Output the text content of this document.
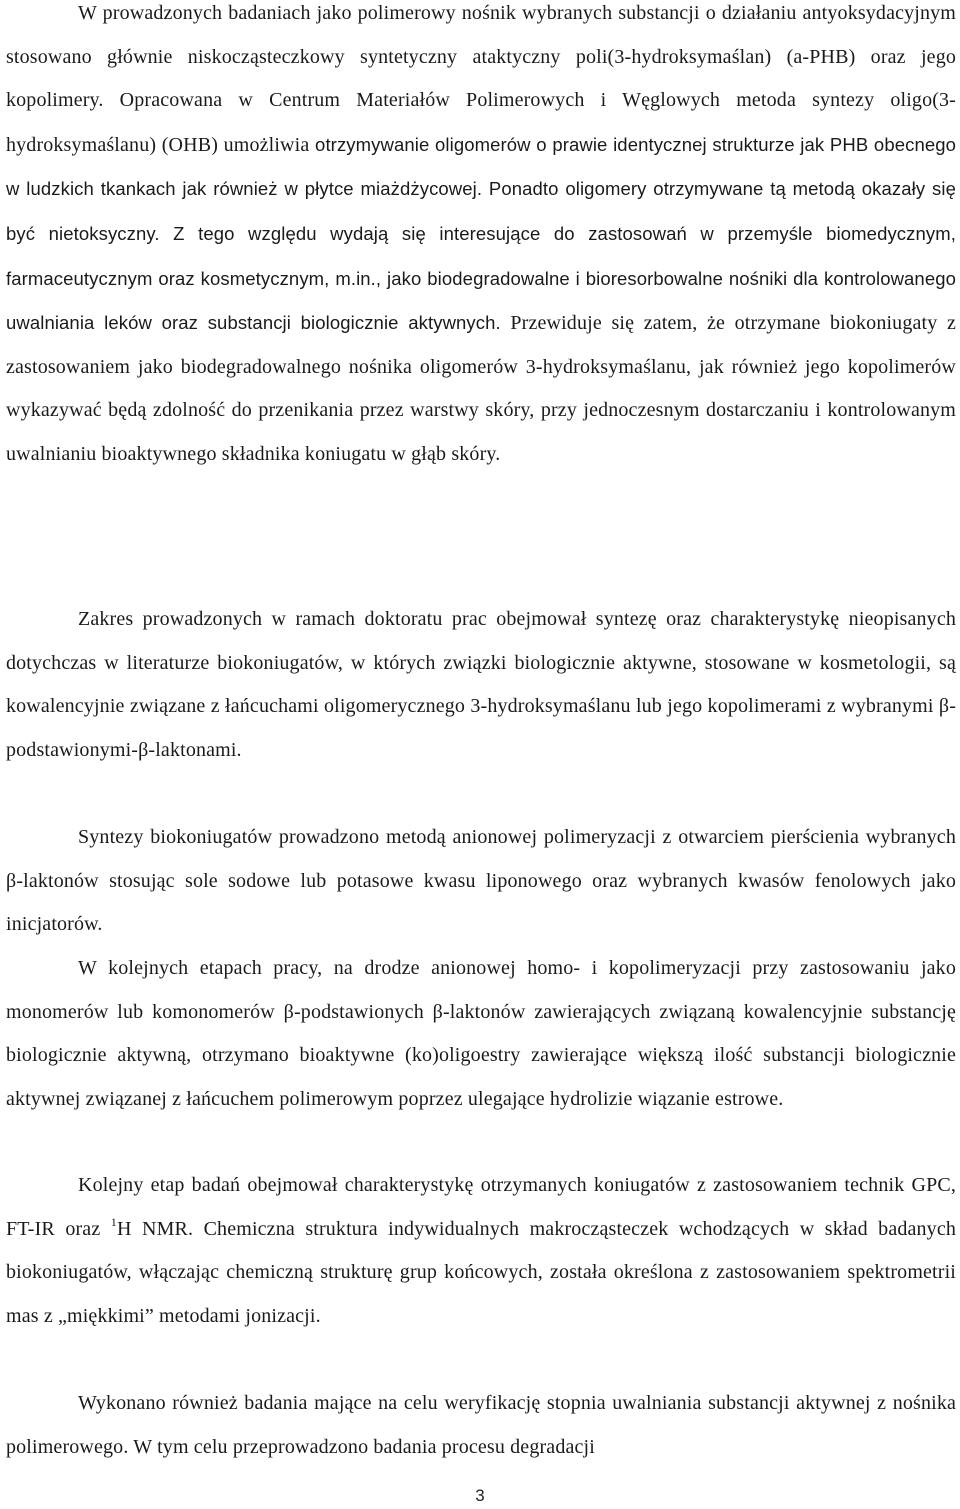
W prowadzonych badaniach jako polimerowy nośnik wybranych substancji o działaniu antyoksydacyjnym stosowano głównie niskocząsteczkowy syntetyczny ataktyczny poli(3-hydroksymaślan) (a-PHB) oraz jego kopolimery. Opracowana w Centrum Materiałów Polimerowych i Węglowych metoda syntezy oligo(3-hydroksymaślanu) (OHB) umożliwia otrzymywanie oligomerów o prawie identycznej strukturze jak PHB obecnego w ludzkich tkankach jak również w płytce miażdżycowej. Ponadto oligomery otrzymywane tą metodą okazały się być nietoksyczny. Z tego względu wydają się interesujące do zastosowań w przemyśle biomedycznym, farmaceutycznym oraz kosmetycznym, m.in., jako biodegradowalne i bioresorbowalne nośniki dla kontrolowanego uwalniania leków oraz substancji biologicznie aktywnych. Przewiduje się zatem, że otrzymane biokoniugaty z zastosowaniem jako biodegradowalnego nośnika oligomerów 3-hydroksymaślanu, jak również jego kopolimerów wykazywać będą zdolność do przenikania przez warstwy skóry, przy jednoczesnym dostarczaniu i kontrolowanym uwalnianiu bioaktywnego składnika koniugatu w głąb skóry.

Zakres prowadzonych w ramach doktoratu prac obejmował syntezę oraz charakterystykę nieopisanych dotychczas w literaturze biokoniugatów, w których związki biologicznie aktywne, stosowane w kosmetologii, są kowalencyjnie związane z łańcuchami oligomerycznego 3-hydroksymaślanu lub jego kopolimerami z wybranymi β-podstawionymi-β-laktonami.

Syntezy biokoniugatów prowadzono metodą anionowej polimeryzacji z otwarciem pierścienia wybranych β-laktonów stosując sole sodowe lub potasowe kwasu liponowego oraz wybranych kwasów fenolowych jako inicjatorów.

W kolejnych etapach pracy, na drodze anionowej homo- i kopolimeryzacji przy zastosowaniu jako monomerów lub komonomerów β-podstawionych β-laktonów zawierających związaną kowalencyjnie substancję biologicznie aktywną, otrzymano bioaktywne (ko)oligoestry zawierające większą ilość substancji biologicznie aktywnej związanej z łańcuchem polimerowym poprzez ulegające hydrolizie wiązanie estrowe.

Kolejny etap badań obejmował charakterystykę otrzymanych koniugatów z zastosowaniem technik GPC, FT-IR oraz $^1$H NMR. Chemiczna struktura indywidualnych makrocząsteczek wchodzących w skład badanych biokoniugatów, włączając chemiczną strukturę grup końcowych, została określona z zastosowaniem spektrometrii mas z „miękkimi” metodami jonizacji.

Wykonano również badania mające na celu weryfikację stopnia uwalniania substancji aktywnej z nośnika polimerowego. W tym celu przeprowadzono badania procesu degradacji

3
